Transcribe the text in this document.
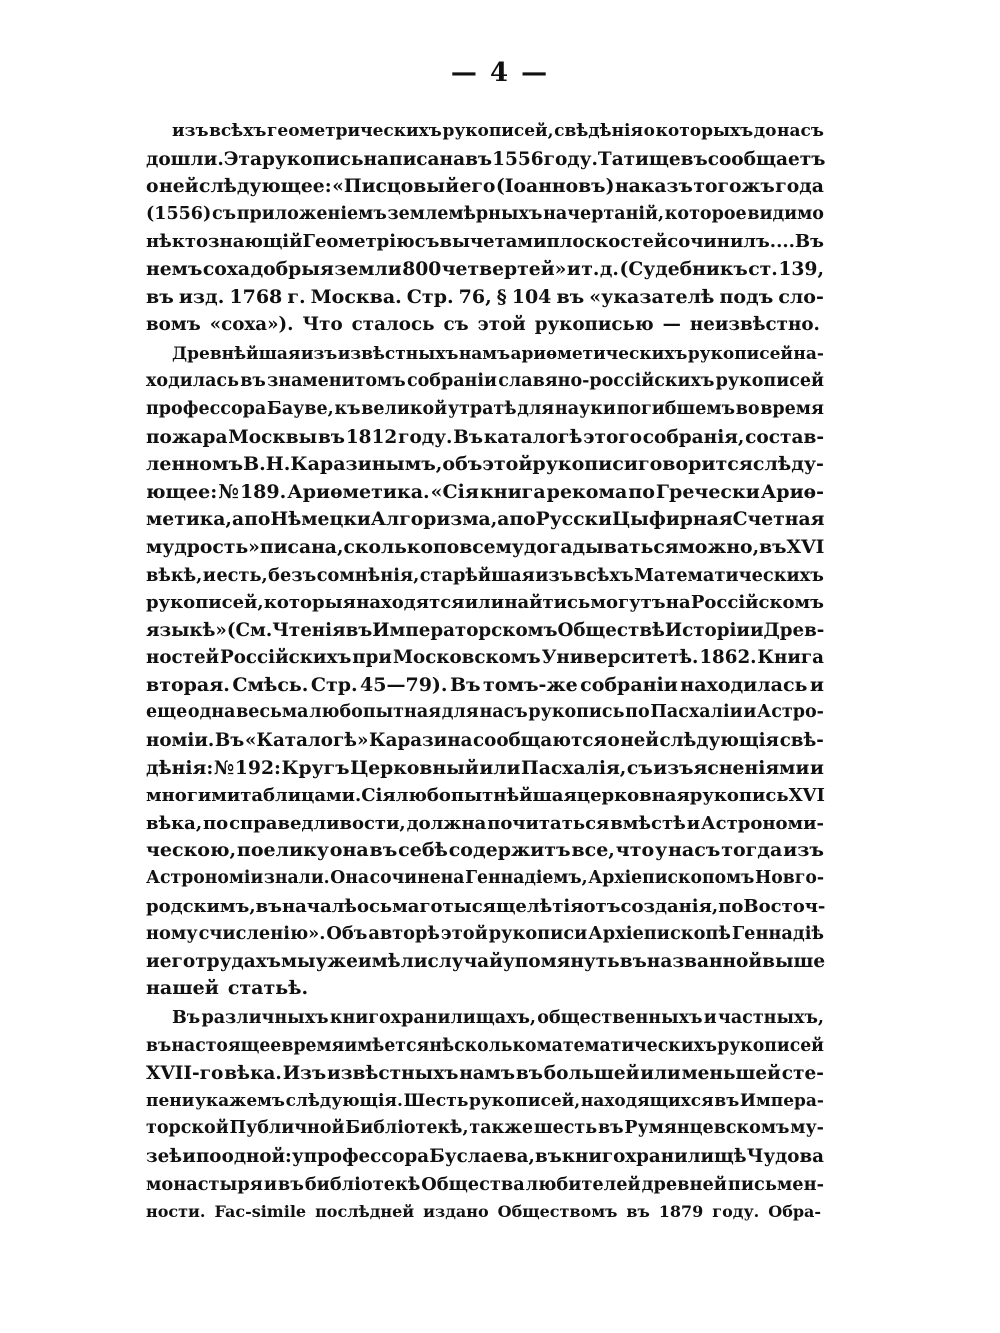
— 4 —
изъ всѣхъ геометрическихъ рукописей, свѣдѣнія о которыхъ до насъ
дошли. Эта рукопись написана въ 1556 году. Татищевъ сообщаетъ
о ней слѣдующее: «Писцовый его (Іоанновъ) наказъ тогожъ года
(1556) съ приложеніемъ землемѣрныхъ начертаній, которое видимо
нѣкто знающій Геометрію съ вычетами плоскостей сочинилъ.... Въ
немъ соха добрыя земли 800 четвертей» и т. д. (Судебникъ ст. 139,
въ изд. 1768 г. Москва. Стр. 76, § 104 въ «указателѣ подъ сло-
вомъ «соха»). Что сталось съ этой рукописью — неизвѣстно.
Древнѣйшая изъ извѣстныхъ намъ ариѳметическихъ рукописей на-
ходилась въ знаменитомъ собраніи славяно-россійскихъ рукописей
профессора Бауве, къ великой утратѣ для науки погибшемъ во время
пожара Москвы въ 1812 году. Въ каталогѣ этого собранія, состав-
ленномъ В. Н. Каразинымъ, объ этой рукописи говорится слѣду-
ющее: № 189. Ариѳметика. «Сія книга рекома по Гречески Ариѳ-
метика, а по Нѣмецки Алгоризма, а по Русски Цыфирная Счетная
мудрость» писана, сколько по всему догадываться можно, въ XVI
вѣкѣ, и есть, безъ сомнѣнія, старѣйшая изъ всѣхъ Математическихъ
рукописей, которыя находятся или найтись могутъ на Россійскомъ
языкѣ» (См. Чтенія въ Императорскомъ Обществѣ Исторіи и Древ-
ностей Россійскихъ при Московскомъ Университетѣ. 1862. Книга
вторая. Смѣсь. Стр. 45—79). Въ томъ-же собраніи находилась и
еще одна весьма любопытная для насъ рукопись по Пасхаліи и Астро-
номіи. Въ «Каталогѣ» Каразина сообщаются о ней слѣдующія свѣ-
дѣнія: № 192: Кругъ Церковный или Пасхалія, съ изъясненіями и
многими таблицами. Сія любопытнѣйшая церковная рукопись XVI
вѣка, по справедливости, должна почитаться вмѣстѣ и Астрономи-
ческою, поелику она въ себѣ содержитъ все, что у насъ тогда изъ
Астрономіи знали. Она сочинена Геннадіемъ, Архіепископомъ Новго-
родскимъ, въ началѣ осьмаго тысящелѣтія отъ созданія, по Восточ-
ному счисленію». Объ авторѣ этой рукописи Архіепископѣ Геннадіѣ
и его трудахъ мы уже имѣли случай упомянуть въ названной выше
нашей статьѣ.
Въ различныхъ книгохранилищахъ, общественныхъ и частныхъ,
въ настоящее время имѣется нѣсколько математическихъ рукописей
XVII-го вѣка. Изъ извѣстныхъ намъ въ большей или меньшей сте-
пени укажемъ слѣдующія. Шесть рукописей, находящихся въ Импера-
торской Публичной Библіотекѣ, также шесть въ Румянцевскомъ му-
зеѣ и по одной: у профессора Буслаева, въ книгохранилищѣ Чудова
монастыря и въ библіотекѣ Общества любителей древней письмен-
ности. Fac-simile послѣдней издано Обществомъ въ 1879 году. Обра-
